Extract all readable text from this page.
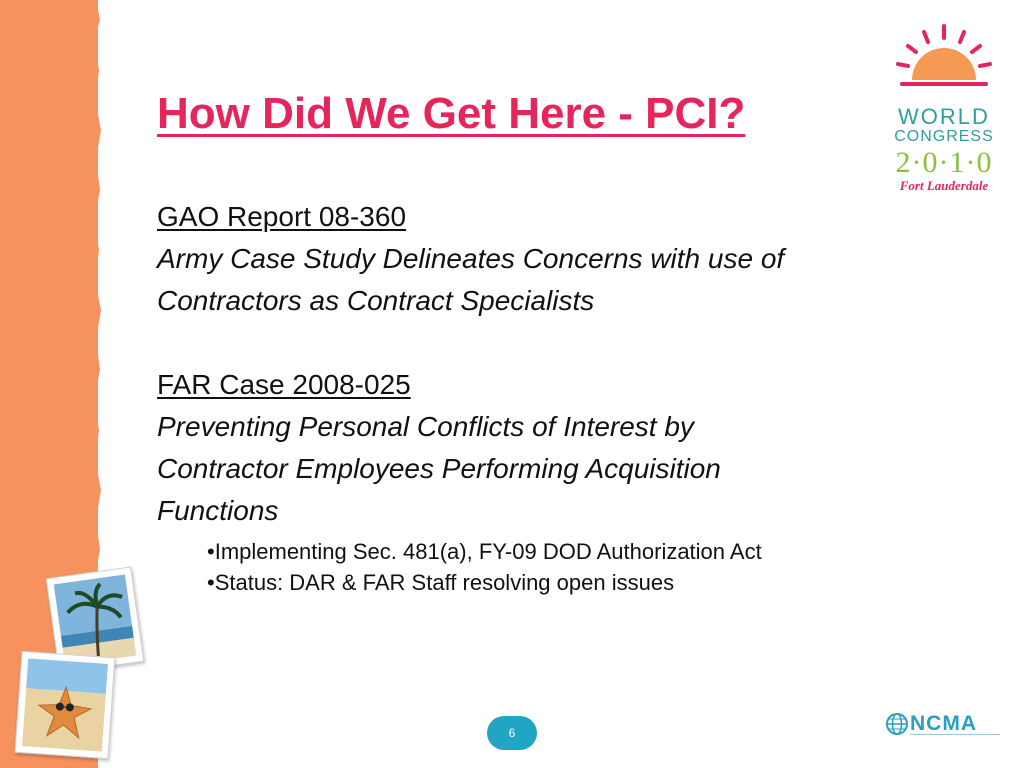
How Did We Get Here - PCI?
GAO Report 08-360
Army Case Study Delineates Concerns with use of
Contractors as Contract Specialists
FAR Case 2008-025
Preventing Personal Conflicts of Interest by
Contractor Employees Performing Acquisition
Functions
• Implementing Sec. 481(a), FY-09 DOD Authorization Act
• Status: DAR & FAR Staff resolving open issues
WORLD
CONGRESS
2·0·1·0
Fort Lauderdale
6	NCMA
